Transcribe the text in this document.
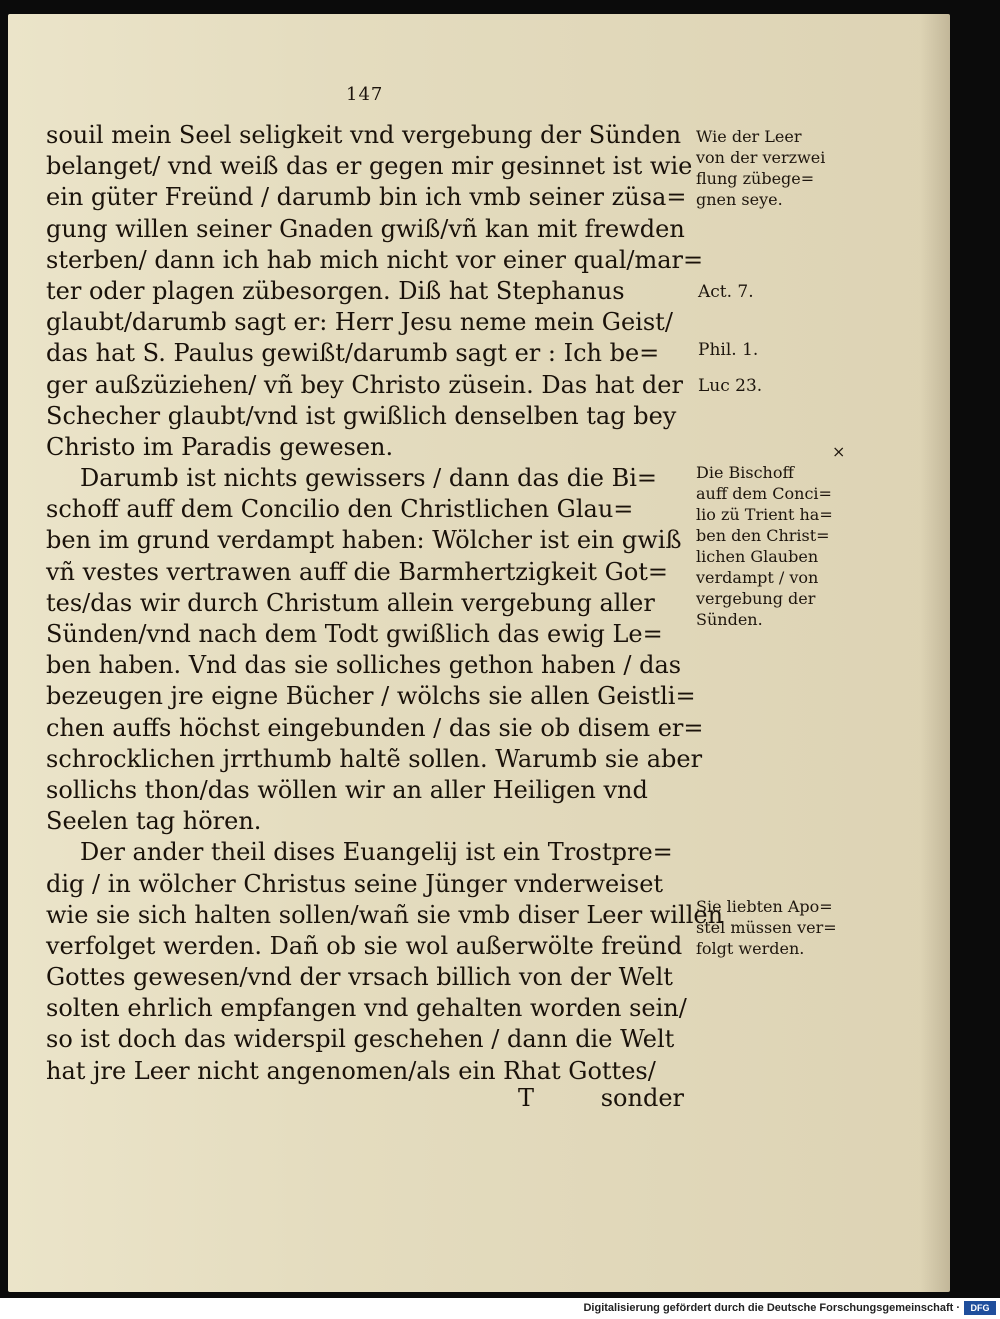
147
souil mein Seel seligkeit vnd vergebung der Sünden
belanget/ vnd weiß das er gegen mir gesinnet ist wie
ein güter Freünd / darumb bin ich vmb seiner züsa=
gung willen seiner Gnaden gwiß/vñ kan mit frewden
sterben/ dann ich hab mich nicht vor einer qual/mar=
ter oder plagen zübesorgen. Diß hat Stephanus
glaubt/darumb sagt er: Herr Jesu neme mein Geist/
das hat S. Paulus gewißt/darumb sagt er : Ich be=
ger außzüziehen/ vñ bey Christo züsein. Das hat der
Schecher glaubt/vnd ist gwißlich denselben tag bey
Christo im Paradis gewesen.
Darumb ist nichts gewissers / dann das die Bi=
schoff auff dem Concilio den Christlichen Glau=
ben im grund verdampt haben: Wölcher ist ein gwiß
vñ vestes vertrawen auff die Barmhertzigkeit Got=
tes/das wir durch Christum allein vergebung aller
Sünden/vnd nach dem Todt gwißlich das ewig Le=
ben haben. Vnd das sie solliches gethon haben / das
bezeugen jre eigne Bücher / wölchs sie allen Geistli=
chen auffs höchst eingebunden / das sie ob disem er=
schrocklichen jrrthumb haltẽ sollen. Warumb sie aber
sollichs thon/das wöllen wir an aller Heiligen vnd
Seelen tag hören.
Der ander theil dises Euangelij ist ein Trostpre=
dig / in wölcher Christus seine Jünger vnderweiset
wie sie sich halten sollen/wañ sie vmb diser Leer willen
verfolget werden. Dañ ob sie wol außerwölte freünd
Gottes gewesen/vnd der vrsach billich von der Welt
solten ehrlich empfangen vnd gehalten worden sein/
so ist doch das widerspil geschehen / dann die Welt
hat jre Leer nicht angenomen/als ein Rhat Gottes/
T	sonder
Wie der Leer
von der verzwei
flung zübege=
gnen seye.
Act. 7.
Phil. 1.
Luc 23.
×
Die Bischoff
auff dem Conci=
lio zü Trient ha=
ben den Christ=
lichen Glauben
verdampt / von
vergebung der
Sünden.
Sie liebten Apo=
stel müssen ver=
folgt werden.
Digitalisierung gefördert durch die Deutsche Forschungsgemeinschaft ·	DFG
